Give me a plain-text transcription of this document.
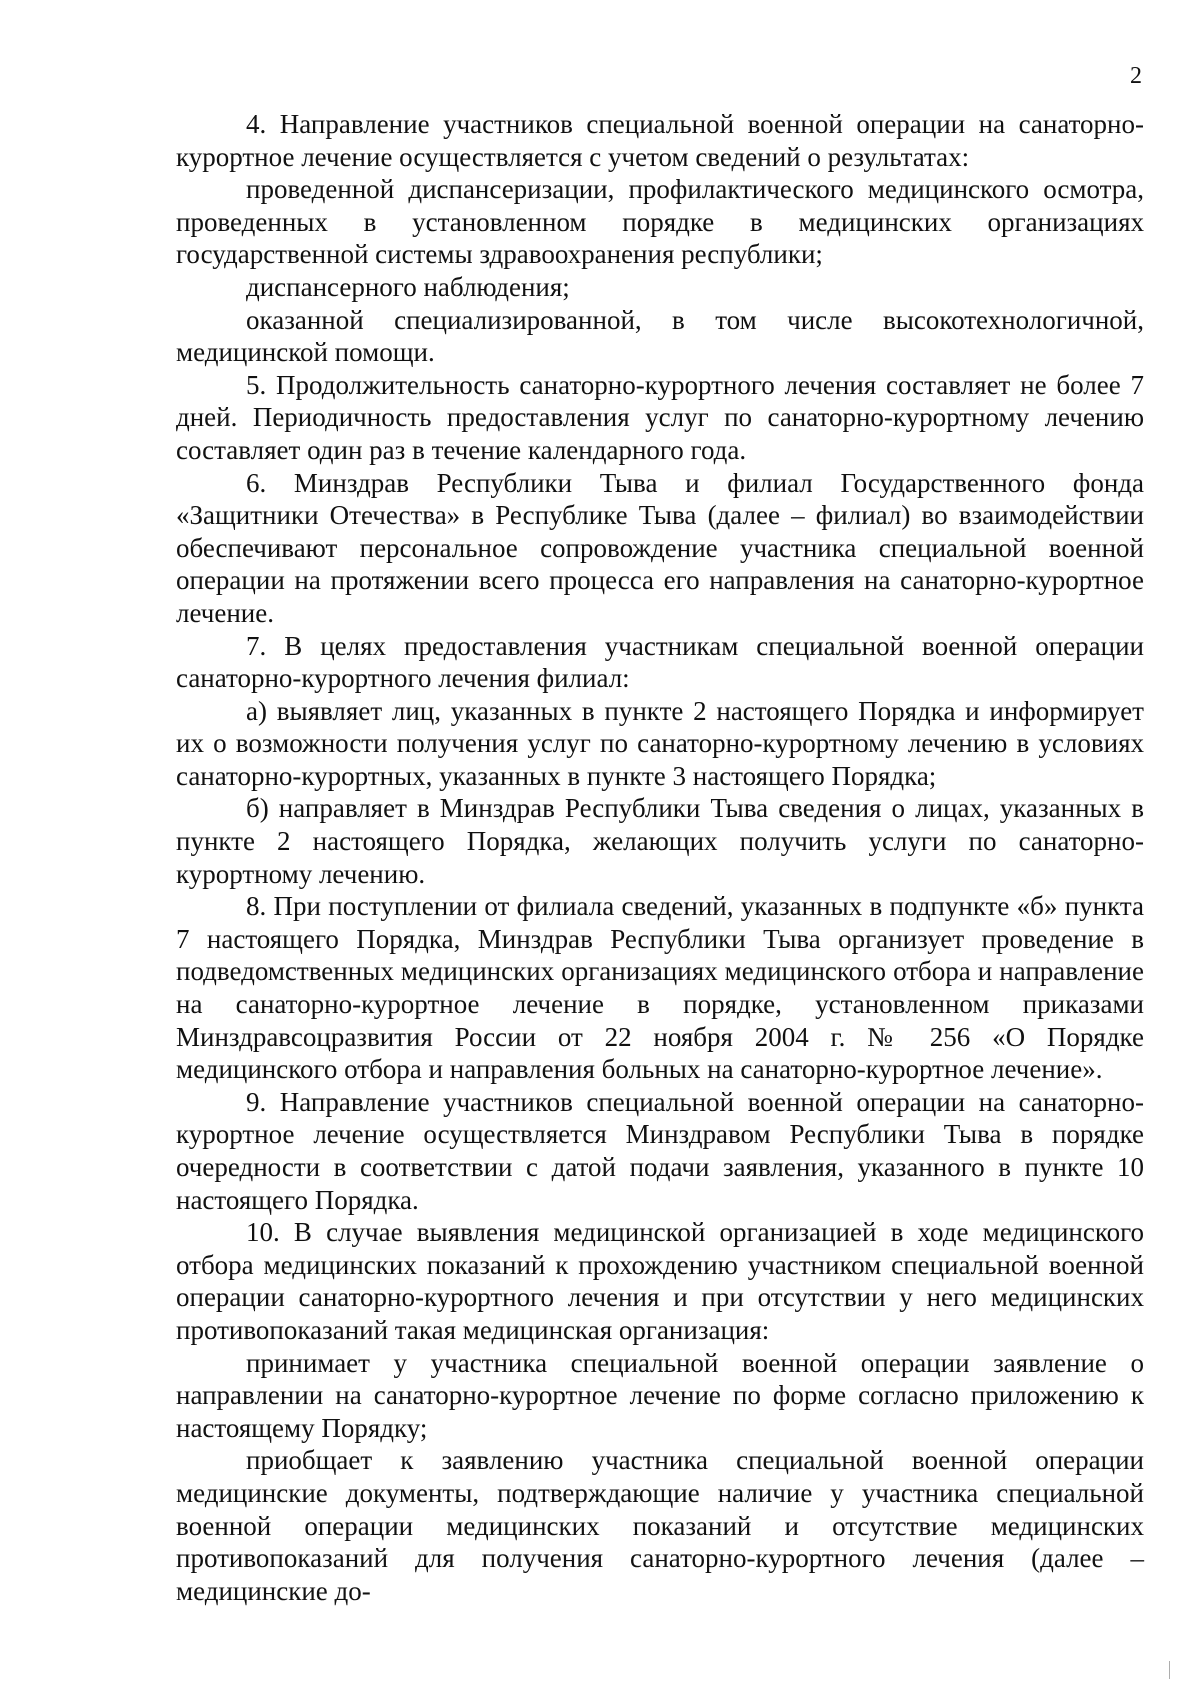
2

4. Направление участников специальной военной операции на санаторно-курортное лечение осуществляется с учетом сведений о результатах:

проведенной диспансеризации, профилактического медицинского осмотра, проведенных в установленном порядке в медицинских организациях государственной системы здравоохранения республики;

диспансерного наблюдения;

оказанной специализированной, в том числе высокотехнологичной, медицинской помощи.

5. Продолжительность санаторно-курортного лечения составляет не более 7 дней. Периодичность предоставления услуг по санаторно-курортному лечению составляет один раз в течение календарного года.

6. Минздрав Республики Тыва и филиал Государственного фонда «Защитники Отечества» в Республике Тыва (далее – филиал) во взаимодействии обеспечивают персональное сопровождение участника специальной военной операции на протяжении всего процесса его направления на санаторно-курортное лечение.

7. В целях предоставления участникам специальной военной операции санаторно-курортного лечения филиал:

а) выявляет лиц, указанных в пункте 2 настоящего Порядка и информирует их о возможности получения услуг по санаторно-курортному лечению в условиях санаторно-курортных, указанных в пункте 3 настоящего Порядка;

б) направляет в Минздрав Республики Тыва сведения о лицах, указанных в пункте 2 настоящего Порядка, желающих получить услуги по санаторно-курортному лечению.

8. При поступлении от филиала сведений, указанных в подпункте «б» пункта 7 настоящего Порядка, Минздрав Республики Тыва организует проведение в подведомственных медицинских организациях медицинского отбора и направление на санаторно-курортное лечение в порядке, установленном приказами Минздравсоцразвития России от 22 ноября 2004 г. № 256 «О Порядке медицинского отбора и направления больных на санаторно-курортное лечение».

9. Направление участников специальной военной операции на санаторно-курортное лечение осуществляется Минздравом Республики Тыва в порядке очередности в соответствии с датой подачи заявления, указанного в пункте 10 настоящего Порядка.

10. В случае выявления медицинской организацией в ходе медицинского отбора медицинских показаний к прохождению участником специальной военной операции санаторно-курортного лечения и при отсутствии у него медицинских противопоказаний такая медицинская организация:

принимает у участника специальной военной операции заявление о направлении на санаторно-курортное лечение по форме согласно приложению к настоящему Порядку;

приобщает к заявлению участника специальной военной операции медицинские документы, подтверждающие наличие у участника специальной военной операции медицинских показаний и отсутствие медицинских противопоказаний для получения санаторно-курортного лечения (далее – медицинские до-
